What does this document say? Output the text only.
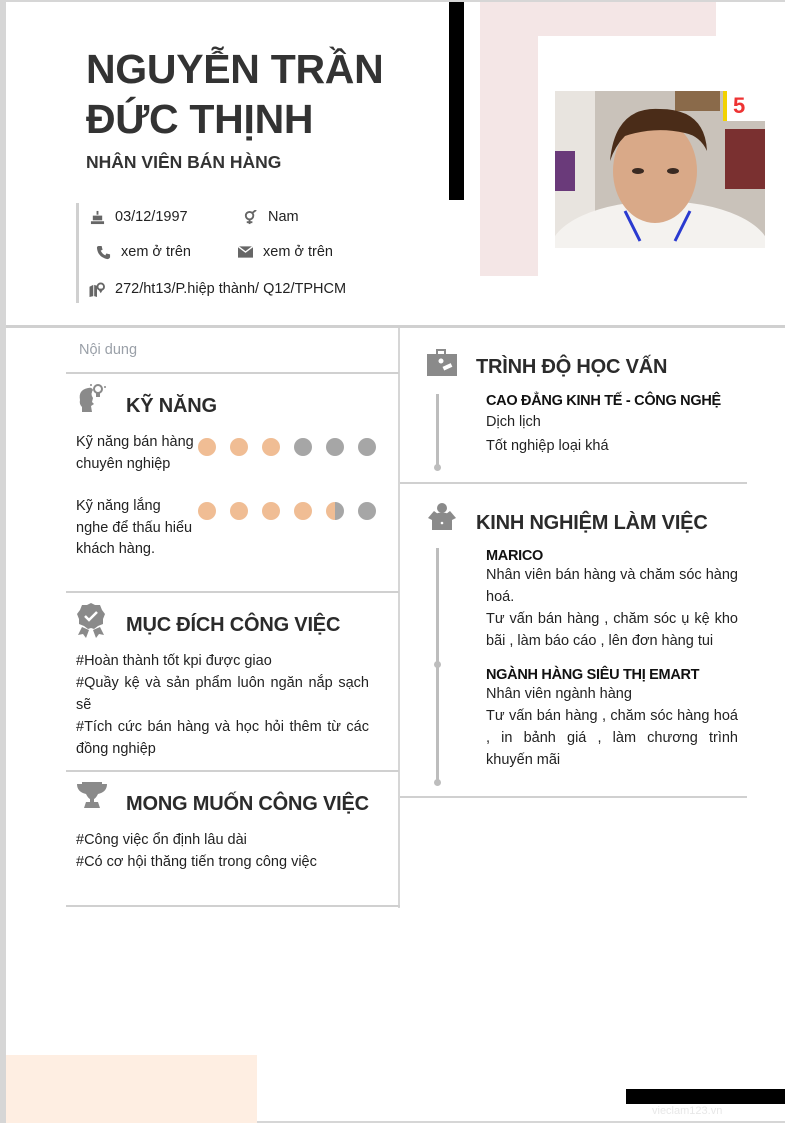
NGUYỄN TRẦN
ĐỨC THỊNH
NHÂN VIÊN BÁN HÀNG
5
03/12/1997	Nam
xem ở trên	xem ở trên
272/ht13/P.hiệp thành/ Q12/TPHCM
Nội dung
KỸ NĂNG
Kỹ năng bán hàng
chuyên nghiệp
Kỹ năng lắng
nghe để thấu hiểu
khách hàng.
MỤC ĐÍCH CÔNG VIỆC
#Hoàn thành tốt kpi được giao
#Quầy kệ và sản phẩm luôn ngăn nắp sạch sẽ
#Tích cức bán hàng và học hỏi thêm từ các đồng nghiệp
MONG MUỐN CÔNG VIỆC
#Công việc ổn định lâu dài
#Có cơ hội thăng tiến trong công việc
TRÌNH ĐỘ HỌC VẤN
CAO ĐẲNG KINH TẾ - CÔNG NGHỆ
Dịch lịch
Tốt nghiệp loại khá
KINH NGHIỆM LÀM VIỆC
MARICO
Nhân viên bán hàng và chăm sóc hàng hoá.
Tư vấn bán hàng , chăm sóc ụ kệ kho bãi , làm báo cáo , lên đơn hàng tui
NGÀNH HÀNG SIÊU THỊ EMART
Nhân viên ngành hàng
Tư vấn bán hàng , chăm sóc hàng hoá , in bảnh giá , làm chương trình khuyến mãi
vieclam123.vn
